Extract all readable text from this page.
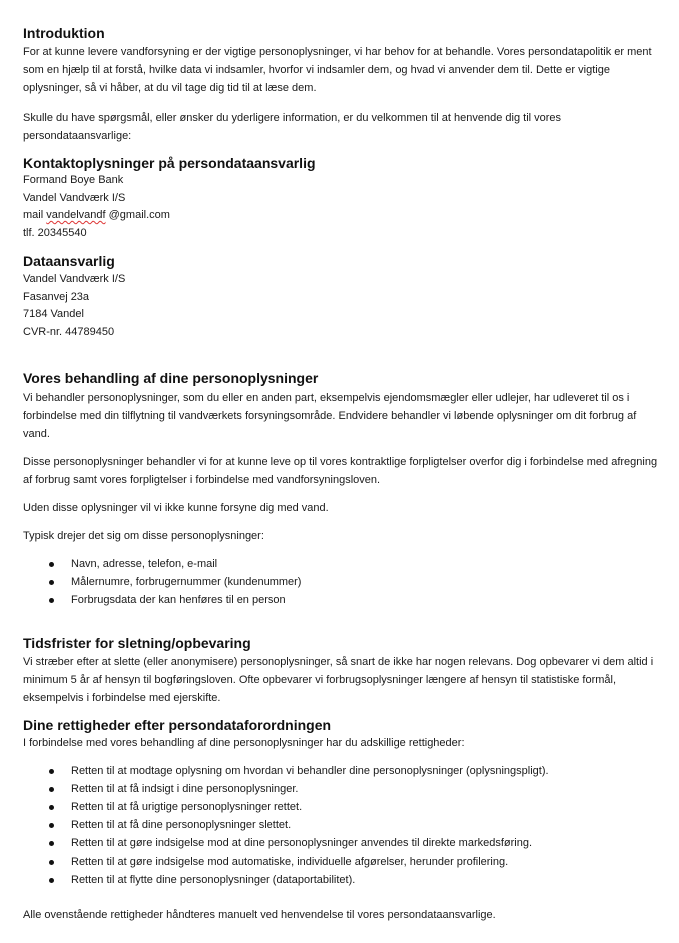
Introduktion

For at kunne levere vandforsyning er der vigtige personoplysninger, vi har behov for at behandle. Vores persondatapolitik er ment som en hjælp til at forstå, hvilke data vi indsamler, hvorfor vi indsamler dem, og hvad vi anvender dem til. Dette er vigtige oplysninger, så vi håber, at du vil tage dig tid til at læse dem.

Skulle du have spørgsmål, eller ønsker du yderligere information, er du velkommen til at henvende dig til vores persondataansvarlige:

Kontaktoplysninger på persondataansvarlig
Formand Boye Bank
Vandel Vandværk I/S
mail vandelvandf @gmail.com
tlf. 20345540
Dataansvarlig
Vandel Vandværk I/S
Fasanvej 23a
7184 Vandel
CVR-nr. 44789450
Vores behandling af dine personoplysninger

Vi behandler personoplysninger, som du eller en anden part, eksempelvis ejendomsmægler eller udlejer, har udleveret til os i forbindelse med din tilflytning til vandværkets forsyningsområde. Endvidere behandler vi løbende oplysninger om dit forbrug af vand.

Disse personoplysninger behandler vi for at kunne leve op til vores kontraktlige forpligtelser overfor dig i forbindelse med afregning af forbrug samt vores forpligtelser i forbindelse med vandforsyningsloven.

Uden disse oplysninger vil vi ikke kunne forsyne dig med vand.

Typisk drejer det sig om disse personoplysninger:

Navn, adresse, telefon, e-mail
Målernumre, forbrugernummer (kundenummer)
Forbrugsdata der kan henføres til en person
Tidsfrister for sletning/opbevaring

Vi stræber efter at slette (eller anonymisere) personoplysninger, så snart de ikke har nogen relevans. Dog opbevarer vi dem altid i minimum 5 år af hensyn til bogføringsloven. Ofte opbevarer vi forbrugsoplysninger længere af hensyn til statistiske formål, eksempelvis i forbindelse med ejerskifte.

Dine rettigheder efter persondataforordningen

I forbindelse med vores behandling af dine personoplysninger har du adskillige rettigheder:

Retten til at modtage oplysning om hvordan vi behandler dine personoplysninger (oplysningspligt).
Retten til at få indsigt i dine personoplysninger.
Retten til at få urigtige personoplysninger rettet.
Retten til at få dine personoplysninger slettet.
Retten til at gøre indsigelse mod at dine personoplysninger anvendes til direkte markedsføring.
Retten til at gøre indsigelse mod automatiske, individuelle afgørelser, herunder profilering.
Retten til at flytte dine personoplysninger (dataportabilitet).

Alle ovenstående rettigheder håndteres manuelt ved henvendelse til vores persondataansvarlige.
